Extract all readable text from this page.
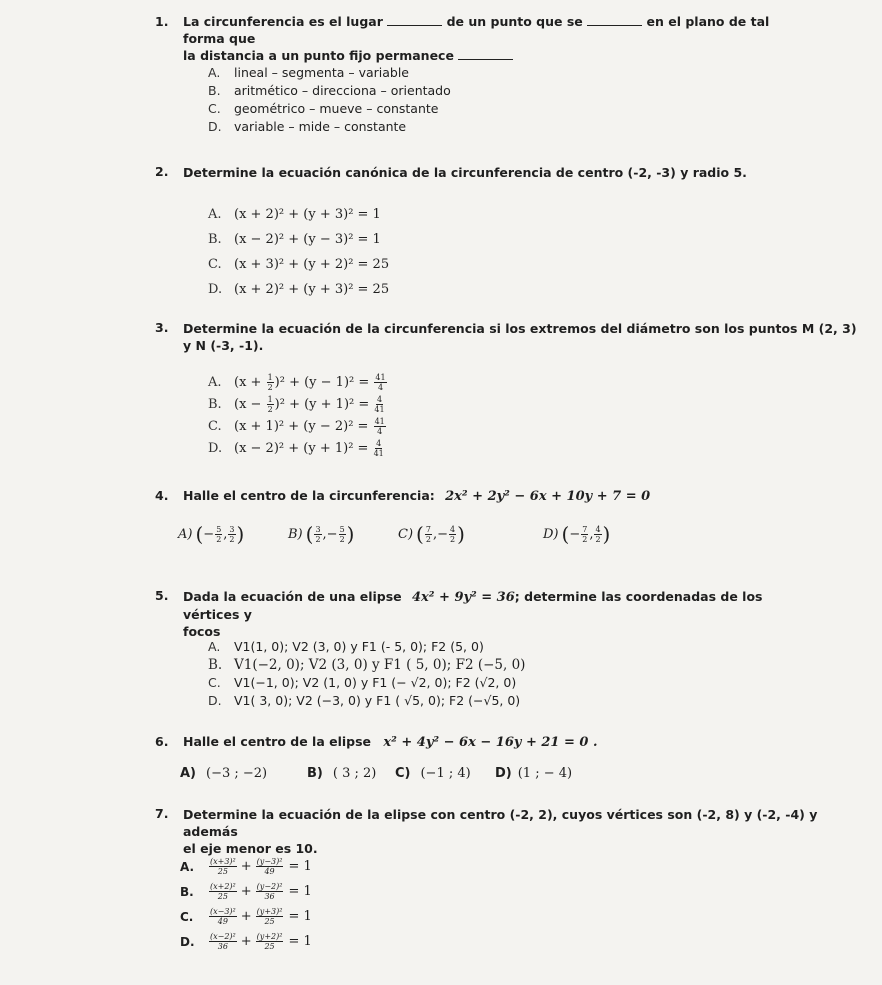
1. La circunferencia es el lugar	de un punto que se	en el plano de tal forma que
la distancia a un punto fijo permanece
A. lineal – segmenta – variable
B. aritmético – direcciona – orientado
C. geométrico – mueve – constante
D. variable – mide – constante
2. Determine la ecuación canónica de la circunferencia de centro (-2, -3) y radio 5.
A. (x + 2)² + (y + 3)² = 1
B. (x − 2)² + (y − 3)² = 1
C. (x + 3)² + (y + 2)² = 25
D. (x + 2)² + (y + 3)² = 25
3. Determine la ecuación de la circunferencia si los extremos del diámetro son los puntos M (2, 3)
y N (-3, -1).
A. $(x + \frac{1}{2} )^2 + (y - 1)^2 = \frac{41}{4}$
B. $(x - \frac{1}{2} )^2 + (y + 1)^2 = \frac{4}{41}$
C. $(x + 1)^2 + (y - 2)^2 = \frac{41}{4}$
D. $(x - 2)^2 + (y + 1)^2 = \frac{4}{41}$
4. Halle el centro de la circunferencia: 2x² + 2y² − 6x + 10y + 7 = 0
A) ( − $\frac{5}{2}$ , $\frac{3}{2}$ )	B) ( $\frac{3}{2}$ , − $\frac{5}{2}$ )	C) ( $\frac{7}{2}$ , − $\frac{4}{2}$ )	D) ( − $\frac{7}{2}$ , $\frac{4}{2}$ )
5. Dada la ecuación de una elipse 4x² + 9y² = 36; determine las coordenadas de los vértices y
focos
A. V1(1, 0); V2 (3, 0) y F1 (- 5, 0); F2 (5, 0)
B. V1(−2, 0); V2 (3, 0) y F1 ( 5, 0); F2 (−5, 0)
C. V1(−1, 0); V2 (1, 0) y F1 (− √2, 0); F2 (√2, 0)
D. V1( 3, 0); V2 (−3, 0) y F1 ( √5, 0); F2 (−√5, 0)
6. Halle el centro de la elipse x² + 4y² − 6x − 16y + 21 = 0 .
A) (−3 ; −2)	B) ( 3 ; 2)	C) (−1 ; 4)	D) (1 ; − 4)
7. Determine la ecuación de la elipse con centro (-2, 2), cuyos vértices son (-2, 8) y (-2, -4) y además
el eje menor es 10.
A.	$\frac{\text{(x+3)²}}{25} + \frac{\text{(y−3)²}}{49} = 1$
B.	$\frac{\text{(x+2)²}}{25} + \frac{\text{(y−2)²}}{36} = 1$
C.	$\frac{\text{(x−3)²}}{49} + \frac{\text{(y+3)²}}{25} = 1$
D.	$\frac{\text{(x−2)²}}{36} + \frac{\text{(y+2)²}}{25} = 1$
